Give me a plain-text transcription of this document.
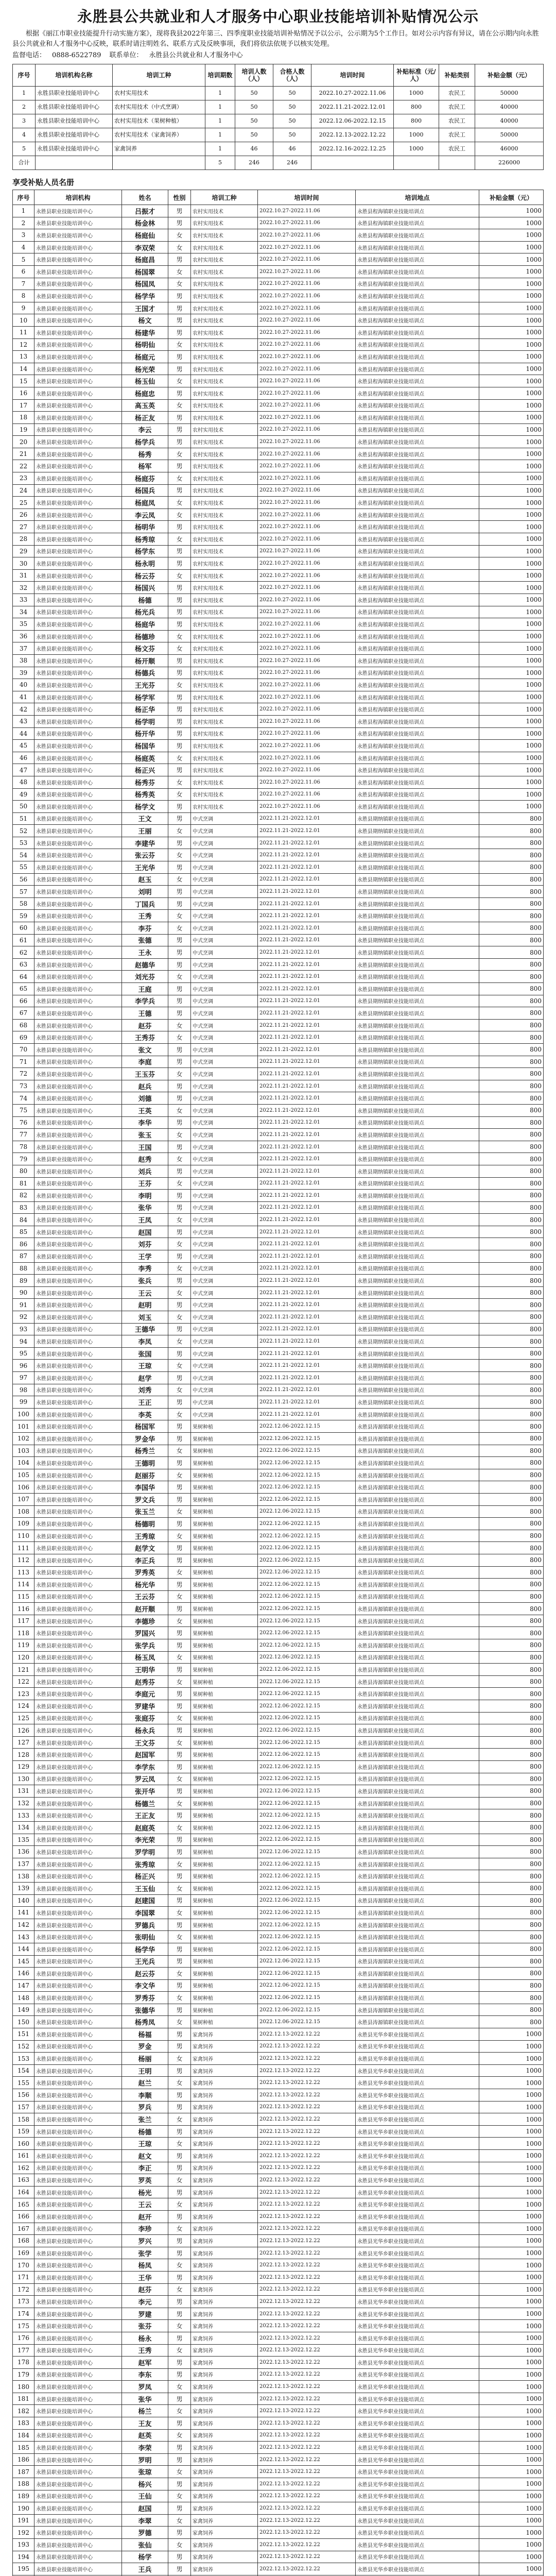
永胜县公共就业和人才服务中心职业技能培训补贴情况公示

根据《丽江市职业技能提升行动实施方案》，现将我县2022年第三、四季度职业技能培训补贴情况予以公示，公示期为5个工作日。如对公示内容有异议，请在公示期内向永胜县公共就业和人才服务中心反映，联系时请注明姓名、联系方式及反映事项，我们将依法依规予以核实处理。

监督电话： 0888-6522789 联系单位： 永胜县公共就业和人才服务中心
序号	培训机构名称	培训工种	培训期数	培训人数（人）	合格人数（人）	培训时间	补贴标准（元/人）	补贴类别	补贴金额（元）
1	永胜县职业技能培训中心	农村实用技术	1	50	50	2022.10.27-2022.11.06	1000	农民工	50000
2	永胜县职业技能培训中心	农村实用技术（中式烹调）	1	50	50	2022.11.21-2022.12.01	800	农民工	40000
3	永胜县职业技能培训中心	农村实用技术（果树种植）	1	50	50	2022.12.06-2022.12.15	800	农民工	40000
4	永胜县职业技能培训中心	农村实用技术（家禽饲养）	1	50	50	2022.12.13-2022.12.22	1000	农民工	50000
5	永胜县职业技能培训中心	家禽饲养	1	46	46	2022.12.16-2022.12.25	1000	农民工	46000
合计			5	246	246				226000
享受补贴人员名册
序号	培训机构	姓名	性别	培训工种	培训时间	培训地点	补贴金额（元）
1	永胜县职业技能培训中心	吕振才	男	农村实用技术	2022.10.27-2022.11.06	永胜县程海镇职业技能培训点	1000
2	永胜县职业技能培训中心	杨金林	男	农村实用技术	2022.10.27-2022.11.06	永胜县程海镇职业技能培训点	1000
3	永胜县职业技能培训中心	杨庭仙	女	农村实用技术	2022.10.27-2022.11.06	永胜县程海镇职业技能培训点	1000
4	永胜县职业技能培训中心	李双荣	女	农村实用技术	2022.10.27-2022.11.06	永胜县程海镇职业技能培训点	1000
5	永胜县职业技能培训中心	杨庭昌	男	农村实用技术	2022.10.27-2022.11.06	永胜县程海镇职业技能培训点	1000
6	永胜县职业技能培训中心	杨国翠	女	农村实用技术	2022.10.27-2022.11.06	永胜县程海镇职业技能培训点	1000
7	永胜县职业技能培训中心	杨国凤	女	农村实用技术	2022.10.27-2022.11.06	永胜县程海镇职业技能培训点	1000
8	永胜县职业技能培训中心	杨学华	男	农村实用技术	2022.10.27-2022.11.06	永胜县程海镇职业技能培训点	1000
9	永胜县职业技能培训中心	王国才	男	农村实用技术	2022.10.27-2022.11.06	永胜县程海镇职业技能培训点	1000
10	永胜县职业技能培训中心	杨文	男	农村实用技术	2022.10.27-2022.11.06	永胜县程海镇职业技能培训点	1000
11	永胜县职业技能培训中心	杨建华	男	农村实用技术	2022.10.27-2022.11.06	永胜县程海镇职业技能培训点	1000
12	永胜县职业技能培训中心	杨明仙	女	农村实用技术	2022.10.27-2022.11.06	永胜县程海镇职业技能培训点	1000
13	永胜县职业技能培训中心	杨庭元	男	农村实用技术	2022.10.27-2022.11.06	永胜县程海镇职业技能培训点	1000
14	永胜县职业技能培训中心	杨光荣	男	农村实用技术	2022.10.27-2022.11.06	永胜县程海镇职业技能培训点	1000
15	永胜县职业技能培训中心	杨玉仙	女	农村实用技术	2022.10.27-2022.11.06	永胜县程海镇职业技能培训点	1000
16	永胜县职业技能培训中心	杨庭忠	男	农村实用技术	2022.10.27-2022.11.06	永胜县程海镇职业技能培训点	1000
17	永胜县职业技能培训中心	高玉英	女	农村实用技术	2022.10.27-2022.11.06	永胜县程海镇职业技能培训点	1000
18	永胜县职业技能培训中心	杨正友	男	农村实用技术	2022.10.27-2022.11.06	永胜县程海镇职业技能培训点	1000
19	永胜县职业技能培训中心	李云	男	农村实用技术	2022.10.27-2022.11.06	永胜县程海镇职业技能培训点	1000
20	永胜县职业技能培训中心	杨学兵	男	农村实用技术	2022.10.27-2022.11.06	永胜县程海镇职业技能培训点	1000
21	永胜县职业技能培训中心	杨秀	女	农村实用技术	2022.10.27-2022.11.06	永胜县程海镇职业技能培训点	1000
22	永胜县职业技能培训中心	杨军	男	农村实用技术	2022.10.27-2022.11.06	永胜县程海镇职业技能培训点	1000
23	永胜县职业技能培训中心	杨庭芬	女	农村实用技术	2022.10.27-2022.11.06	永胜县程海镇职业技能培训点	1000
24	永胜县职业技能培训中心	杨国兵	男	农村实用技术	2022.10.27-2022.11.06	永胜县程海镇职业技能培训点	1000
25	永胜县职业技能培训中心	杨庭凤	女	农村实用技术	2022.10.27-2022.11.06	永胜县程海镇职业技能培训点	1000
26	永胜县职业技能培训中心	李云凤	女	农村实用技术	2022.10.27-2022.11.06	永胜县程海镇职业技能培训点	1000
27	永胜县职业技能培训中心	杨明华	男	农村实用技术	2022.10.27-2022.11.06	永胜县程海镇职业技能培训点	1000
28	永胜县职业技能培训中心	杨秀琼	女	农村实用技术	2022.10.27-2022.11.06	永胜县程海镇职业技能培训点	1000
29	永胜县职业技能培训中心	杨学东	男	农村实用技术	2022.10.27-2022.11.06	永胜县程海镇职业技能培训点	1000
30	永胜县职业技能培训中心	杨永明	男	农村实用技术	2022.10.27-2022.11.06	永胜县程海镇职业技能培训点	1000
31	永胜县职业技能培训中心	杨云芬	女	农村实用技术	2022.10.27-2022.11.06	永胜县程海镇职业技能培训点	1000
32	永胜县职业技能培训中心	杨国兴	男	农村实用技术	2022.10.27-2022.11.06	永胜县程海镇职业技能培训点	1000
33	永胜县职业技能培训中心	杨德	男	农村实用技术	2022.10.27-2022.11.06	永胜县程海镇职业技能培训点	1000
34	永胜县职业技能培训中心	杨光兵	男	农村实用技术	2022.10.27-2022.11.06	永胜县程海镇职业技能培训点	1000
35	永胜县职业技能培训中心	杨庭华	男	农村实用技术	2022.10.27-2022.11.06	永胜县程海镇职业技能培训点	1000
36	永胜县职业技能培训中心	杨德珍	女	农村实用技术	2022.10.27-2022.11.06	永胜县程海镇职业技能培训点	1000
37	永胜县职业技能培训中心	杨文芬	女	农村实用技术	2022.10.27-2022.11.06	永胜县程海镇职业技能培训点	1000
38	永胜县职业技能培训中心	杨开顺	男	农村实用技术	2022.10.27-2022.11.06	永胜县程海镇职业技能培训点	1000
39	永胜县职业技能培训中心	杨德兵	男	农村实用技术	2022.10.27-2022.11.06	永胜县程海镇职业技能培训点	1000
40	永胜县职业技能培训中心	王光芬	女	农村实用技术	2022.10.27-2022.11.06	永胜县程海镇职业技能培训点	1000
41	永胜县职业技能培训中心	杨学军	男	农村实用技术	2022.10.27-2022.11.06	永胜县程海镇职业技能培训点	1000
42	永胜县职业技能培训中心	杨正华	男	农村实用技术	2022.10.27-2022.11.06	永胜县程海镇职业技能培训点	1000
43	永胜县职业技能培训中心	杨学明	男	农村实用技术	2022.10.27-2022.11.06	永胜县程海镇职业技能培训点	1000
44	永胜县职业技能培训中心	杨开华	男	农村实用技术	2022.10.27-2022.11.06	永胜县程海镇职业技能培训点	1000
45	永胜县职业技能培训中心	杨国华	男	农村实用技术	2022.10.27-2022.11.06	永胜县程海镇职业技能培训点	1000
46	永胜县职业技能培训中心	杨庭英	女	农村实用技术	2022.10.27-2022.11.06	永胜县程海镇职业技能培训点	1000
47	永胜县职业技能培训中心	杨正兴	男	农村实用技术	2022.10.27-2022.11.06	永胜县程海镇职业技能培训点	1000
48	永胜县职业技能培训中心	杨秀芬	女	农村实用技术	2022.10.27-2022.11.06	永胜县程海镇职业技能培训点	1000
49	永胜县职业技能培训中心	杨秀英	女	农村实用技术	2022.10.27-2022.11.06	永胜县程海镇职业技能培训点	1000
50	永胜县职业技能培训中心	杨学文	男	农村实用技术	2022.10.27-2022.11.06	永胜县程海镇职业技能培训点	1000
51	永胜县职业技能培训中心	王文	男	中式烹调	2022.11.21-2022.12.01	永胜县期纳镇职业技能培训点	800
52	永胜县职业技能培训中心	王丽	女	中式烹调	2022.11.21-2022.12.01	永胜县期纳镇职业技能培训点	800
53	永胜县职业技能培训中心	李建华	男	中式烹调	2022.11.21-2022.12.01	永胜县期纳镇职业技能培训点	800
54	永胜县职业技能培训中心	张云芬	女	中式烹调	2022.11.21-2022.12.01	永胜县期纳镇职业技能培训点	800
55	永胜县职业技能培训中心	王光华	男	中式烹调	2022.11.21-2022.12.01	永胜县期纳镇职业技能培训点	800
56	永胜县职业技能培训中心	赵玉	女	中式烹调	2022.11.21-2022.12.01	永胜县期纳镇职业技能培训点	800
57	永胜县职业技能培训中心	刘明	男	中式烹调	2022.11.21-2022.12.01	永胜县期纳镇职业技能培训点	800
58	永胜县职业技能培训中心	丁国兵	男	中式烹调	2022.11.21-2022.12.01	永胜县期纳镇职业技能培训点	800
59	永胜县职业技能培训中心	王秀	女	中式烹调	2022.11.21-2022.12.01	永胜县期纳镇职业技能培训点	800
60	永胜县职业技能培训中心	李芬	女	中式烹调	2022.11.21-2022.12.01	永胜县期纳镇职业技能培训点	800
61	永胜县职业技能培训中心	张德	男	中式烹调	2022.11.21-2022.12.01	永胜县期纳镇职业技能培训点	800
62	永胜县职业技能培训中心	王永	男	中式烹调	2022.11.21-2022.12.01	永胜县期纳镇职业技能培训点	800
63	永胜县职业技能培训中心	赵德华	男	中式烹调	2022.11.21-2022.12.01	永胜县期纳镇职业技能培训点	800
64	永胜县职业技能培训中心	刘光芬	女	中式烹调	2022.11.21-2022.12.01	永胜县期纳镇职业技能培训点	800
65	永胜县职业技能培训中心	王庭	男	中式烹调	2022.11.21-2022.12.01	永胜县期纳镇职业技能培训点	800
66	永胜县职业技能培训中心	李学兵	男	中式烹调	2022.11.21-2022.12.01	永胜县期纳镇职业技能培训点	800
67	永胜县职业技能培训中心	王德	男	中式烹调	2022.11.21-2022.12.01	永胜县期纳镇职业技能培训点	800
68	永胜县职业技能培训中心	赵芬	女	中式烹调	2022.11.21-2022.12.01	永胜县期纳镇职业技能培训点	800
69	永胜县职业技能培训中心	王秀芬	女	中式烹调	2022.11.21-2022.12.01	永胜县期纳镇职业技能培训点	800
70	永胜县职业技能培训中心	张文	男	中式烹调	2022.11.21-2022.12.01	永胜县期纳镇职业技能培训点	800
71	永胜县职业技能培训中心	李庭	男	中式烹调	2022.11.21-2022.12.01	永胜县期纳镇职业技能培训点	800
72	永胜县职业技能培训中心	王玉芬	女	中式烹调	2022.11.21-2022.12.01	永胜县期纳镇职业技能培训点	800
73	永胜县职业技能培训中心	赵兵	男	中式烹调	2022.11.21-2022.12.01	永胜县期纳镇职业技能培训点	800
74	永胜县职业技能培训中心	刘德	男	中式烹调	2022.11.21-2022.12.01	永胜县期纳镇职业技能培训点	800
75	永胜县职业技能培训中心	王英	女	中式烹调	2022.11.21-2022.12.01	永胜县期纳镇职业技能培训点	800
76	永胜县职业技能培训中心	李华	男	中式烹调	2022.11.21-2022.12.01	永胜县期纳镇职业技能培训点	800
77	永胜县职业技能培训中心	张玉	女	中式烹调	2022.11.21-2022.12.01	永胜县期纳镇职业技能培训点	800
78	永胜县职业技能培训中心	王国	男	中式烹调	2022.11.21-2022.12.01	永胜县期纳镇职业技能培训点	800
79	永胜县职业技能培训中心	赵秀	女	中式烹调	2022.11.21-2022.12.01	永胜县期纳镇职业技能培训点	800
80	永胜县职业技能培训中心	刘兵	男	中式烹调	2022.11.21-2022.12.01	永胜县期纳镇职业技能培训点	800
81	永胜县职业技能培训中心	王芬	女	中式烹调	2022.11.21-2022.12.01	永胜县期纳镇职业技能培训点	800
82	永胜县职业技能培训中心	李明	男	中式烹调	2022.11.21-2022.12.01	永胜县期纳镇职业技能培训点	800
83	永胜县职业技能培训中心	张华	男	中式烹调	2022.11.21-2022.12.01	永胜县期纳镇职业技能培训点	800
84	永胜县职业技能培训中心	王凤	女	中式烹调	2022.11.21-2022.12.01	永胜县期纳镇职业技能培训点	800
85	永胜县职业技能培训中心	赵国	男	中式烹调	2022.11.21-2022.12.01	永胜县期纳镇职业技能培训点	800
86	永胜县职业技能培训中心	刘芬	女	中式烹调	2022.11.21-2022.12.01	永胜县期纳镇职业技能培训点	800
87	永胜县职业技能培训中心	王学	男	中式烹调	2022.11.21-2022.12.01	永胜县期纳镇职业技能培训点	800
88	永胜县职业技能培训中心	李秀	女	中式烹调	2022.11.21-2022.12.01	永胜县期纳镇职业技能培训点	800
89	永胜县职业技能培训中心	张兵	男	中式烹调	2022.11.21-2022.12.01	永胜县期纳镇职业技能培训点	800
90	永胜县职业技能培训中心	王云	女	中式烹调	2022.11.21-2022.12.01	永胜县期纳镇职业技能培训点	800
91	永胜县职业技能培训中心	赵明	男	中式烹调	2022.11.21-2022.12.01	永胜县期纳镇职业技能培训点	800
92	永胜县职业技能培训中心	刘玉	女	中式烹调	2022.11.21-2022.12.01	永胜县期纳镇职业技能培训点	800
93	永胜县职业技能培训中心	王德华	男	中式烹调	2022.11.21-2022.12.01	永胜县期纳镇职业技能培训点	800
94	永胜县职业技能培训中心	李凤	女	中式烹调	2022.11.21-2022.12.01	永胜县期纳镇职业技能培训点	800
95	永胜县职业技能培训中心	张国	男	中式烹调	2022.11.21-2022.12.01	永胜县期纳镇职业技能培训点	800
96	永胜县职业技能培训中心	王琼	女	中式烹调	2022.11.21-2022.12.01	永胜县期纳镇职业技能培训点	800
97	永胜县职业技能培训中心	赵学	男	中式烹调	2022.11.21-2022.12.01	永胜县期纳镇职业技能培训点	800
98	永胜县职业技能培训中心	刘秀	女	中式烹调	2022.11.21-2022.12.01	永胜县期纳镇职业技能培训点	800
99	永胜县职业技能培训中心	王正	男	中式烹调	2022.11.21-2022.12.01	永胜县期纳镇职业技能培训点	800
100	永胜县职业技能培训中心	李英	女	中式烹调	2022.11.21-2022.12.01	永胜县期纳镇职业技能培训点	800
101	永胜县职业技能培训中心	杨国军	男	果树种植	2022.12.06-2022.12.15	永胜县涛源镇职业技能培训点	800
102	永胜县职业技能培训中心	罗金华	男	果树种植	2022.12.06-2022.12.15	永胜县涛源镇职业技能培训点	800
103	永胜县职业技能培训中心	杨秀兰	女	果树种植	2022.12.06-2022.12.15	永胜县涛源镇职业技能培训点	800
104	永胜县职业技能培训中心	王德明	男	果树种植	2022.12.06-2022.12.15	永胜县涛源镇职业技能培训点	800
105	永胜县职业技能培训中心	赵丽芬	女	果树种植	2022.12.06-2022.12.15	永胜县涛源镇职业技能培训点	800
106	永胜县职业技能培训中心	李国华	男	果树种植	2022.12.06-2022.12.15	永胜县涛源镇职业技能培训点	800
107	永胜县职业技能培训中心	罗文兵	男	果树种植	2022.12.06-2022.12.15	永胜县涛源镇职业技能培训点	800
108	永胜县职业技能培训中心	张玉兰	女	果树种植	2022.12.06-2022.12.15	永胜县涛源镇职业技能培训点	800
109	永胜县职业技能培训中心	杨德明	男	果树种植	2022.12.06-2022.12.15	永胜县涛源镇职业技能培训点	800
110	永胜县职业技能培训中心	王秀琼	女	果树种植	2022.12.06-2022.12.15	永胜县涛源镇职业技能培训点	800
111	永胜县职业技能培训中心	赵学文	男	果树种植	2022.12.06-2022.12.15	永胜县涛源镇职业技能培训点	800
112	永胜县职业技能培训中心	李正兵	男	果树种植	2022.12.06-2022.12.15	永胜县涛源镇职业技能培训点	800
113	永胜县职业技能培训中心	罗秀英	女	果树种植	2022.12.06-2022.12.15	永胜县涛源镇职业技能培训点	800
114	永胜县职业技能培训中心	杨光华	男	果树种植	2022.12.06-2022.12.15	永胜县涛源镇职业技能培训点	800
115	永胜县职业技能培训中心	王云芬	女	果树种植	2022.12.06-2022.12.15	永胜县涛源镇职业技能培训点	800
116	永胜县职业技能培训中心	赵开顺	男	果树种植	2022.12.06-2022.12.15	永胜县涛源镇职业技能培训点	800
117	永胜县职业技能培训中心	李德珍	女	果树种植	2022.12.06-2022.12.15	永胜县涛源镇职业技能培训点	800
118	永胜县职业技能培训中心	罗国兴	男	果树种植	2022.12.06-2022.12.15	永胜县涛源镇职业技能培训点	800
119	永胜县职业技能培训中心	张学兵	男	果树种植	2022.12.06-2022.12.15	永胜县涛源镇职业技能培训点	800
120	永胜县职业技能培训中心	杨玉凤	女	果树种植	2022.12.06-2022.12.15	永胜县涛源镇职业技能培训点	800
121	永胜县职业技能培训中心	王明华	男	果树种植	2022.12.06-2022.12.15	永胜县涛源镇职业技能培训点	800
122	永胜县职业技能培训中心	赵秀芬	女	果树种植	2022.12.06-2022.12.15	永胜县涛源镇职业技能培训点	800
123	永胜县职业技能培训中心	李庭元	男	果树种植	2022.12.06-2022.12.15	永胜县涛源镇职业技能培训点	800
124	永胜县职业技能培训中心	罗建华	男	果树种植	2022.12.06-2022.12.15	永胜县涛源镇职业技能培训点	800
125	永胜县职业技能培训中心	张庭芬	女	果树种植	2022.12.06-2022.12.15	永胜县涛源镇职业技能培训点	800
126	永胜县职业技能培训中心	杨永兵	男	果树种植	2022.12.06-2022.12.15	永胜县涛源镇职业技能培训点	800
127	永胜县职业技能培训中心	王文芬	女	果树种植	2022.12.06-2022.12.15	永胜县涛源镇职业技能培训点	800
128	永胜县职业技能培训中心	赵国军	男	果树种植	2022.12.06-2022.12.15	永胜县涛源镇职业技能培训点	800
129	永胜县职业技能培训中心	李学东	男	果树种植	2022.12.06-2022.12.15	永胜县涛源镇职业技能培训点	800
130	永胜县职业技能培训中心	罗云凤	女	果树种植	2022.12.06-2022.12.15	永胜县涛源镇职业技能培训点	800
131	永胜县职业技能培训中心	张开华	男	果树种植	2022.12.06-2022.12.15	永胜县涛源镇职业技能培训点	800
132	永胜县职业技能培训中心	杨德兰	女	果树种植	2022.12.06-2022.12.15	永胜县涛源镇职业技能培训点	800
133	永胜县职业技能培训中心	王正友	男	果树种植	2022.12.06-2022.12.15	永胜县涛源镇职业技能培训点	800
134	永胜县职业技能培训中心	赵庭英	女	果树种植	2022.12.06-2022.12.15	永胜县涛源镇职业技能培训点	800
135	永胜县职业技能培训中心	李光荣	男	果树种植	2022.12.06-2022.12.15	永胜县涛源镇职业技能培训点	800
136	永胜县职业技能培训中心	罗学明	男	果树种植	2022.12.06-2022.12.15	永胜县涛源镇职业技能培训点	800
137	永胜县职业技能培训中心	张秀琼	女	果树种植	2022.12.06-2022.12.15	永胜县涛源镇职业技能培训点	800
138	永胜县职业技能培训中心	杨正兴	男	果树种植	2022.12.06-2022.12.15	永胜县涛源镇职业技能培训点	800
139	永胜县职业技能培训中心	王玉仙	女	果树种植	2022.12.06-2022.12.15	永胜县涛源镇职业技能培训点	800
140	永胜县职业技能培训中心	赵建国	男	果树种植	2022.12.06-2022.12.15	永胜县涛源镇职业技能培训点	800
141	永胜县职业技能培训中心	李国翠	女	果树种植	2022.12.06-2022.12.15	永胜县涛源镇职业技能培训点	800
142	永胜县职业技能培训中心	罗德兵	男	果树种植	2022.12.06-2022.12.15	永胜县涛源镇职业技能培训点	800
143	永胜县职业技能培训中心	张明仙	女	果树种植	2022.12.06-2022.12.15	永胜县涛源镇职业技能培训点	800
144	永胜县职业技能培训中心	杨学华	男	果树种植	2022.12.06-2022.12.15	永胜县涛源镇职业技能培训点	800
145	永胜县职业技能培训中心	王光兵	男	果树种植	2022.12.06-2022.12.15	永胜县涛源镇职业技能培训点	800
146	永胜县职业技能培训中心	赵云芬	女	果树种植	2022.12.06-2022.12.15	永胜县涛源镇职业技能培训点	800
147	永胜县职业技能培训中心	李文华	男	果树种植	2022.12.06-2022.12.15	永胜县涛源镇职业技能培训点	800
148	永胜县职业技能培训中心	罗秀芬	女	果树种植	2022.12.06-2022.12.15	永胜县涛源镇职业技能培训点	800
149	永胜县职业技能培训中心	张德华	男	果树种植	2022.12.06-2022.12.15	永胜县涛源镇职业技能培训点	800
150	永胜县职业技能培训中心	杨秀凤	女	果树种植	2022.12.06-2022.12.15	永胜县涛源镇职业技能培训点	800
151	永胜县职业技能培训中心	杨福	男	家禽饲养	2022.12.13-2022.12.22	永胜县光华乡职业技能培训点	1000
152	永胜县职业技能培训中心	罗金	男	家禽饲养	2022.12.13-2022.12.22	永胜县光华乡职业技能培训点	1000
153	永胜县职业技能培训中心	杨丽	女	家禽饲养	2022.12.13-2022.12.22	永胜县光华乡职业技能培训点	1000
154	永胜县职业技能培训中心	王明	男	家禽饲养	2022.12.13-2022.12.22	永胜县光华乡职业技能培训点	1000
155	永胜县职业技能培训中心	赵兰	女	家禽饲养	2022.12.13-2022.12.22	永胜县光华乡职业技能培训点	1000
156	永胜县职业技能培训中心	李顺	男	家禽饲养	2022.12.13-2022.12.22	永胜县光华乡职业技能培训点	1000
157	永胜县职业技能培训中心	罗兵	男	家禽饲养	2022.12.13-2022.12.22	永胜县光华乡职业技能培训点	1000
158	永胜县职业技能培训中心	张兰	女	家禽饲养	2022.12.13-2022.12.22	永胜县光华乡职业技能培训点	1000
159	永胜县职业技能培训中心	杨德	男	家禽饲养	2022.12.13-2022.12.22	永胜县光华乡职业技能培训点	1000
160	永胜县职业技能培训中心	王琼	女	家禽饲养	2022.12.13-2022.12.22	永胜县光华乡职业技能培训点	1000
161	永胜县职业技能培训中心	赵文	男	家禽饲养	2022.12.13-2022.12.22	永胜县光华乡职业技能培训点	1000
162	永胜县职业技能培训中心	李正	男	家禽饲养	2022.12.13-2022.12.22	永胜县光华乡职业技能培训点	1000
163	永胜县职业技能培训中心	罗英	女	家禽饲养	2022.12.13-2022.12.22	永胜县光华乡职业技能培训点	1000
164	永胜县职业技能培训中心	杨光	男	家禽饲养	2022.12.13-2022.12.22	永胜县光华乡职业技能培训点	1000
165	永胜县职业技能培训中心	王云	女	家禽饲养	2022.12.13-2022.12.22	永胜县光华乡职业技能培训点	1000
166	永胜县职业技能培训中心	赵开	男	家禽饲养	2022.12.13-2022.12.22	永胜县光华乡职业技能培训点	1000
167	永胜县职业技能培训中心	李珍	女	家禽饲养	2022.12.13-2022.12.22	永胜县光华乡职业技能培训点	1000
168	永胜县职业技能培训中心	罗兴	男	家禽饲养	2022.12.13-2022.12.22	永胜县光华乡职业技能培训点	1000
169	永胜县职业技能培训中心	张学	男	家禽饲养	2022.12.13-2022.12.22	永胜县光华乡职业技能培训点	1000
170	永胜县职业技能培训中心	杨凤	女	家禽饲养	2022.12.13-2022.12.22	永胜县光华乡职业技能培训点	1000
171	永胜县职业技能培训中心	王华	男	家禽饲养	2022.12.13-2022.12.22	永胜县光华乡职业技能培训点	1000
172	永胜县职业技能培训中心	赵芬	女	家禽饲养	2022.12.13-2022.12.22	永胜县光华乡职业技能培训点	1000
173	永胜县职业技能培训中心	李元	男	家禽饲养	2022.12.13-2022.12.22	永胜县光华乡职业技能培训点	1000
174	永胜县职业技能培训中心	罗建	男	家禽饲养	2022.12.13-2022.12.22	永胜县光华乡职业技能培训点	1000
175	永胜县职业技能培训中心	张芬	女	家禽饲养	2022.12.13-2022.12.22	永胜县光华乡职业技能培训点	1000
176	永胜县职业技能培训中心	杨永	男	家禽饲养	2022.12.13-2022.12.22	永胜县光华乡职业技能培训点	1000
177	永胜县职业技能培训中心	王秀	女	家禽饲养	2022.12.13-2022.12.22	永胜县光华乡职业技能培训点	1000
178	永胜县职业技能培训中心	赵军	男	家禽饲养	2022.12.13-2022.12.22	永胜县光华乡职业技能培训点	1000
179	永胜县职业技能培训中心	李东	男	家禽饲养	2022.12.13-2022.12.22	永胜县光华乡职业技能培训点	1000
180	永胜县职业技能培训中心	罗凤	女	家禽饲养	2022.12.13-2022.12.22	永胜县光华乡职业技能培训点	1000
181	永胜县职业技能培训中心	张华	男	家禽饲养	2022.12.13-2022.12.22	永胜县光华乡职业技能培训点	1000
182	永胜县职业技能培训中心	杨兰	女	家禽饲养	2022.12.13-2022.12.22	永胜县光华乡职业技能培训点	1000
183	永胜县职业技能培训中心	王友	男	家禽饲养	2022.12.13-2022.12.22	永胜县光华乡职业技能培训点	1000
184	永胜县职业技能培训中心	赵英	女	家禽饲养	2022.12.13-2022.12.22	永胜县光华乡职业技能培训点	1000
185	永胜县职业技能培训中心	李荣	男	家禽饲养	2022.12.13-2022.12.22	永胜县光华乡职业技能培训点	1000
186	永胜县职业技能培训中心	罗明	男	家禽饲养	2022.12.13-2022.12.22	永胜县光华乡职业技能培训点	1000
187	永胜县职业技能培训中心	张琼	女	家禽饲养	2022.12.13-2022.12.22	永胜县光华乡职业技能培训点	1000
188	永胜县职业技能培训中心	杨兴	男	家禽饲养	2022.12.13-2022.12.22	永胜县光华乡职业技能培训点	1000
189	永胜县职业技能培训中心	王仙	女	家禽饲养	2022.12.13-2022.12.22	永胜县光华乡职业技能培训点	1000
190	永胜县职业技能培训中心	赵国	男	家禽饲养	2022.12.13-2022.12.22	永胜县光华乡职业技能培训点	1000
191	永胜县职业技能培训中心	李翠	女	家禽饲养	2022.12.13-2022.12.22	永胜县光华乡职业技能培训点	1000
192	永胜县职业技能培训中心	罗德	男	家禽饲养	2022.12.13-2022.12.22	永胜县光华乡职业技能培训点	1000
193	永胜县职业技能培训中心	张仙	女	家禽饲养	2022.12.13-2022.12.22	永胜县光华乡职业技能培训点	1000
194	永胜县职业技能培训中心	杨学	男	家禽饲养	2022.12.13-2022.12.22	永胜县光华乡职业技能培训点	1000
195	永胜县职业技能培训中心	王兵	男	家禽饲养	2022.12.13-2022.12.22	永胜县光华乡职业技能培训点	1000
